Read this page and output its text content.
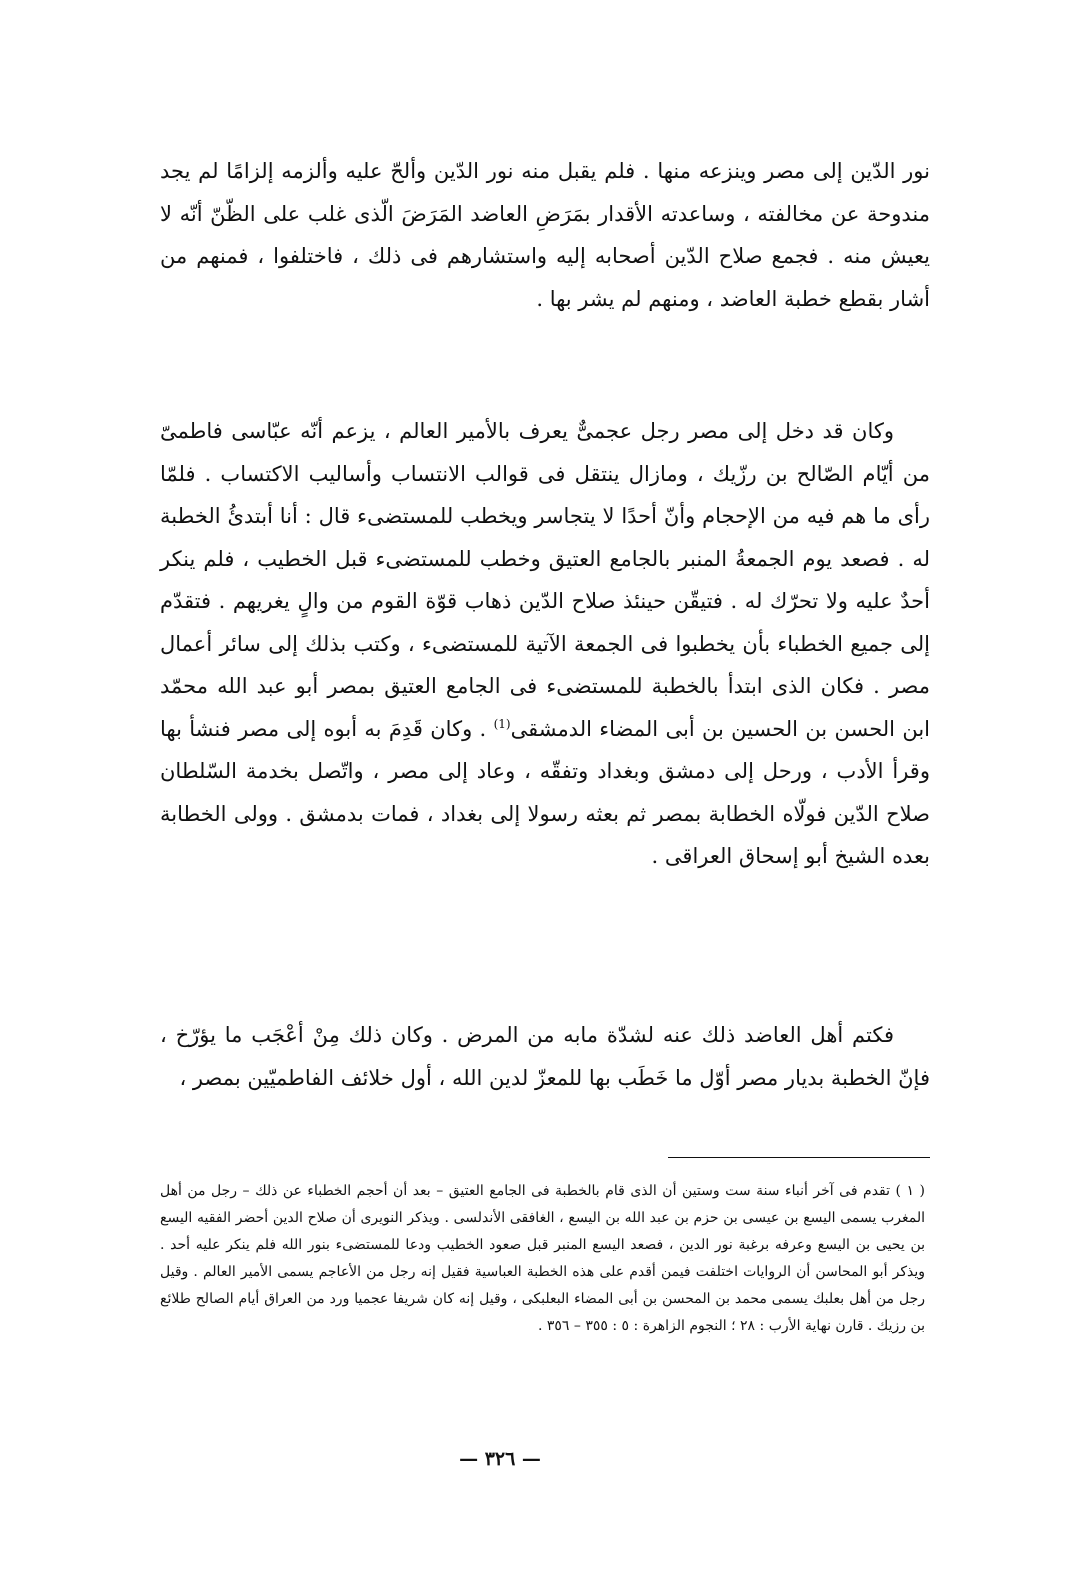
نور الدّين إلى مصر وينزعه منها . فلم يقبل منه نور الدّين وألحّ عليه وألزمه إلزامًا لم يجد مندوحة عن مخالفته ، وساعدته الأقدار بمَرَضِ العاضد المَرَضَ الّذى غلب على الظّنّ أنّه لا يعيش منه . فجمع صلاح الدّين أصحابه إليه واستشارهم فى ذلك ، فاختلفوا ، فمنهم من أشار بقطع خطبة العاضد ، ومنهم لم يشر بها .

وكان قد دخل إلى مصر رجل عجمىٌّ يعرف بالأمير العالم ، يزعم أنّه عبّاسى فاطمىّ من أيّام الصّالح بن رزّيك ، ومازال ينتقل فى قوالب الانتساب وأساليب الاكتساب . فلمّا رأى ما هم فيه من الإحجام وأنّ أحدًا لا يتجاسر ويخطب للمستضىء قال : أنا أبتدئُ الخطبة له . فصعد يوم الجمعةُ المنبر بالجامع العتيق وخطب للمستضىء قبل الخطيب ، فلم ينكر أحدٌ عليه ولا تحرّك له . فتيقّن حينئذ صلاح الدّين ذهاب قوّة القوم من والٍ يغريهم . فتقدّم إلى جميع الخطباء بأن يخطبوا فى الجمعة الآتية للمستضىء ، وكتب بذلك إلى سائر أعمال مصر . فكان الذى ابتدأ بالخطبة للمستضىء فى الجامع العتيق بمصر أبو عبد الله محمّد ابن الحسن بن الحسين بن أبى المضاء الدمشقى$^{(1)}$ . وكان قَدِمَ به أبوه إلى مصر فنشأ بها وقرأ الأدب ، ورحل إلى دمشق وبغداد وتفقّه ، وعاد إلى مصر ، واتّصل بخدمة السّلطان صلاح الدّين فولّاه الخطابة بمصر ثم بعثه رسولا إلى بغداد ، فمات بدمشق . وولى الخطابة بعده الشيخ أبو إسحاق العراقى .

فكتم أهل العاضد ذلك عنه لشدّة مابه من المرض . وكان ذلك مِنْ أعْجَب ما يؤرّخ ، فإنّ الخطبة بديار مصر أوّل ما خَطَب بها للمعزّ لدين الله ، أول خلائف الفاطميّين بمصر ،

( ١ ) تقدم فى آخر أنباء سنة ست وستين أن الذى قام بالخطبة فى الجامع العتيق – بعد أن أحجم الخطباء عن ذلك – رجل من أهل المغرب يسمى اليسع بن عيسى بن حزم بن عبد الله بن اليسع ، الغافقى الأندلسى . ويذكر النويرى أن صلاح الدين أحضر الفقيه اليسع بن يحيى بن اليسع وعرفه برغبة نور الدين ، فصعد اليسع المنبر قبل صعود الخطيب ودعا للمستضىء بنور الله فلم ينكر عليه أحد . ويذكر أبو المحاسن أن الروايات اختلفت فيمن أقدم على هذه الخطبة العباسية فقيل إنه رجل من الأعاجم يسمى الأمير العالم . وقيل رجل من أهل بعلبك يسمى محمد بن المحسن بن أبى المضاء البعلبكى ، وقيل إنه كان شريفا عجميا ورد من العراق أيام الصالح طلائع بن رزيك . قارن نهاية الأرب : ٢٨ ؛ النجوم الزاهرة : ٥ : ٣٥٥ – ٣٥٦ .

— ٣٢٦ —
